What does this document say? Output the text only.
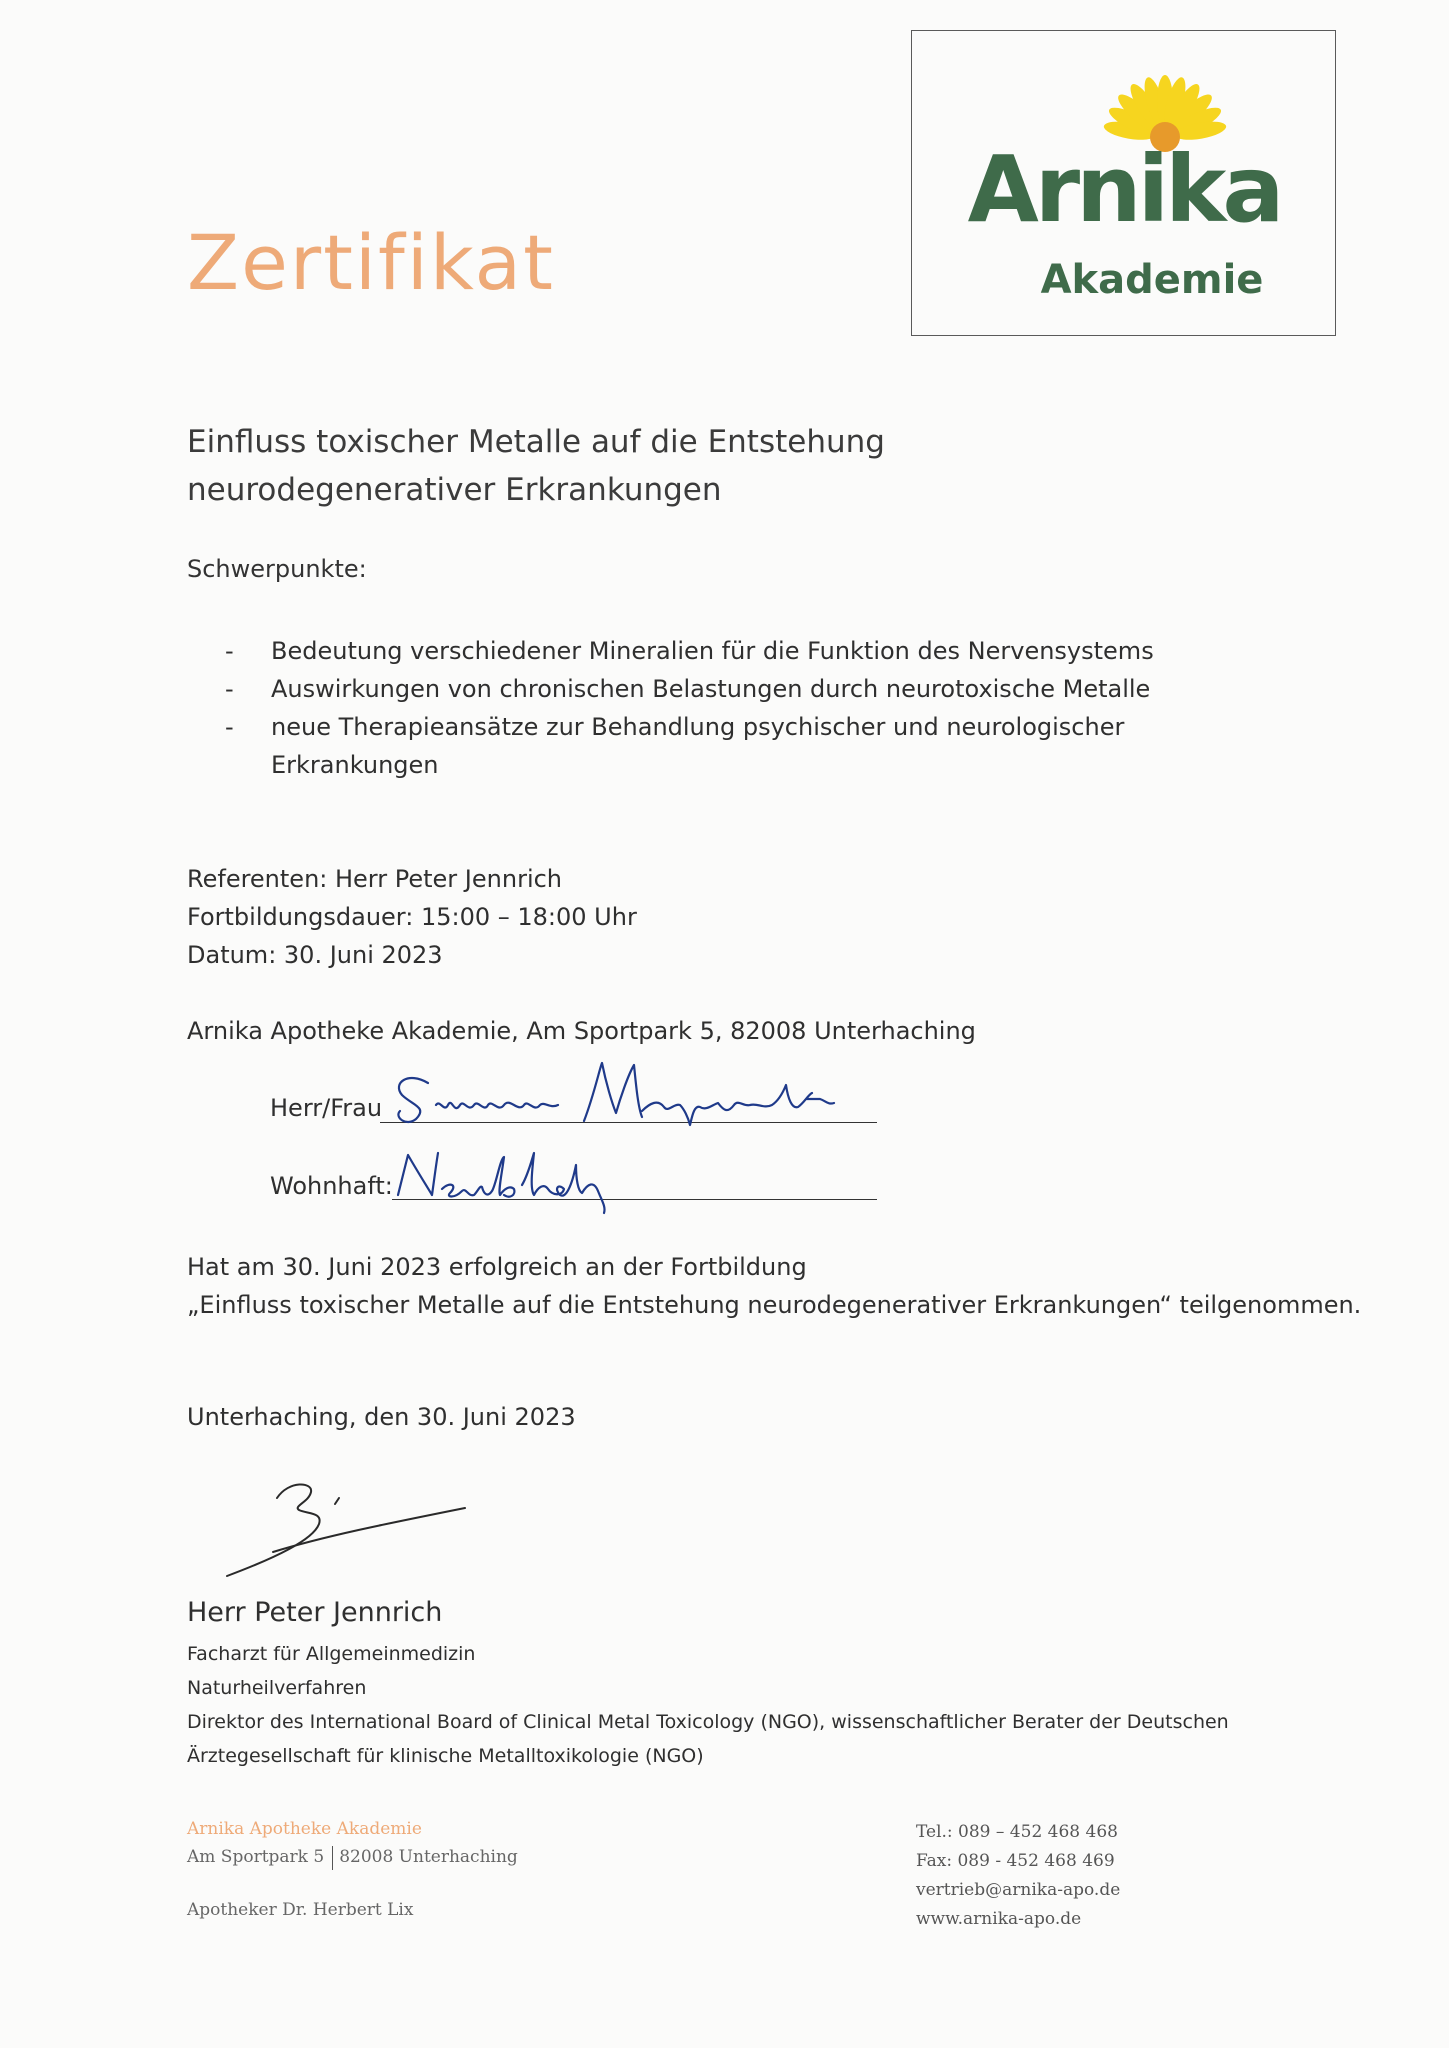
Zertifikat
Arnika
Akademie
Einfluss toxischer Metalle auf die Entstehung
neurodegenerativer Erkrankungen
Schwerpunkte:
- Bedeutung verschiedener Mineralien für die Funktion des Nervensystems
- Auswirkungen von chronischen Belastungen durch neurotoxische Metalle
- neue Therapieansätze zur Behandlung psychischer und neurologischer
Erkrankungen
Referenten: Herr Peter Jennrich
Fortbildungsdauer: 15:00 – 18:00 Uhr
Datum: 30. Juni 2023
Arnika Apotheke Akademie, Am Sportpark 5, 82008 Unterhaching
Herr/Frau
Simone Marquardt
Wohnhaft:
Neubiberg
Hat am 30. Juni 2023 erfolgreich an der Fortbildung
„Einfluss toxischer Metalle auf die Entstehung neurodegenerativer Erkrankungen“ teilgenommen.
Unterhaching, den 30. Juni 2023
Herr Peter Jennrich
Facharzt für Allgemeinmedizin
Naturheilverfahren
Direktor des International Board of Clinical Metal Toxicology (NGO), wissenschaftlicher Berater der Deutschen
Ärztegesellschaft für klinische Metalltoxikologie (NGO)
Arnika Apotheke Akademie
Am Sportpark 5 82008 Unterhaching
Apotheker Dr. Herbert Lix
Tel.: 089 – 452 468 468
Fax: 089 - 452 468 469
vertrieb@arnika-apo.de
www.arnika-apo.de
